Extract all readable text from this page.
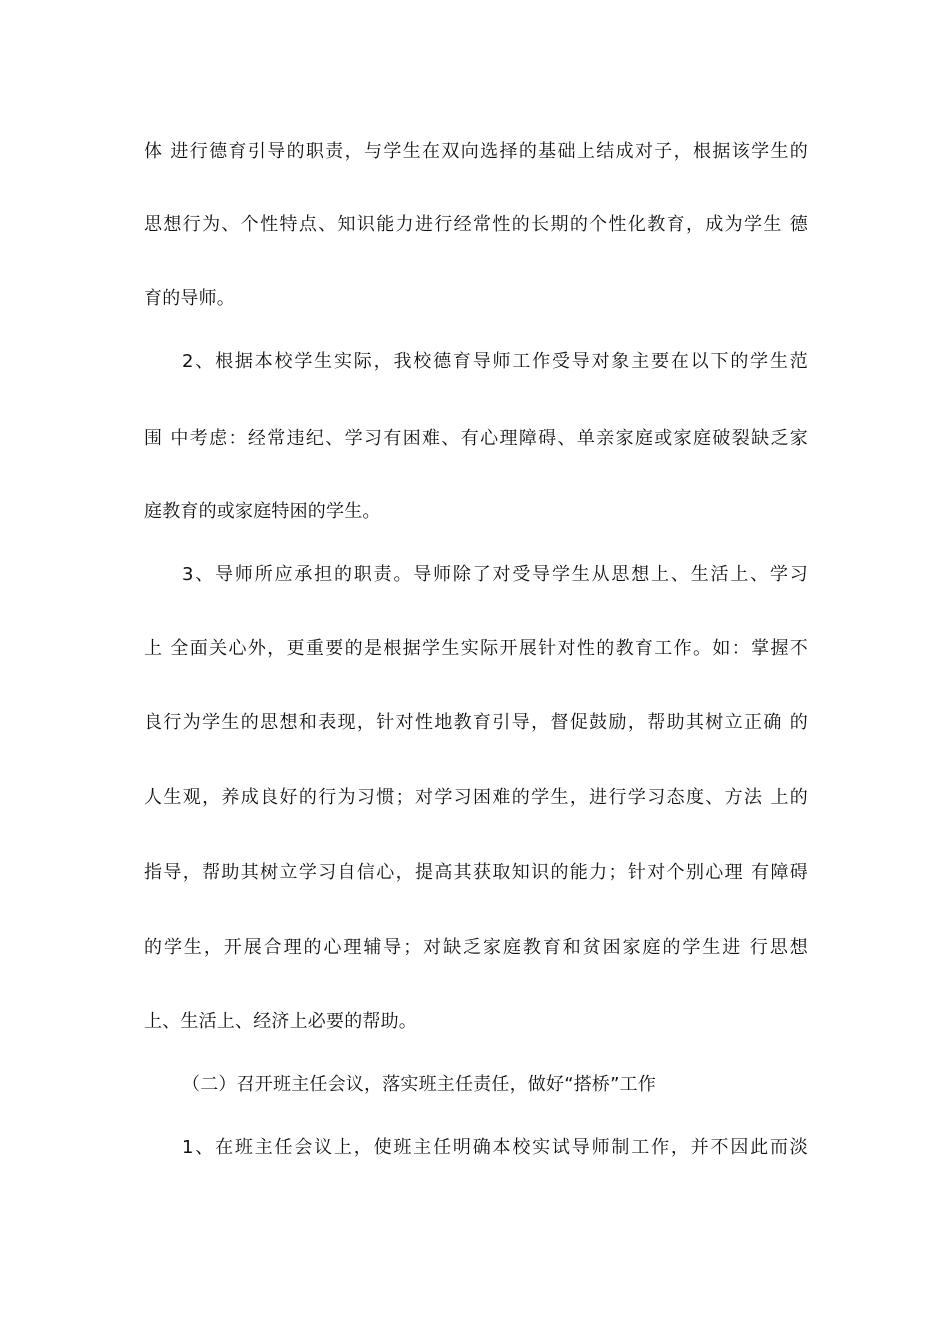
体 进行德育引导的职责，与学生在双向选择的基础上结成对子，根据该学生的
思想行为、个性特点、知识能力进行经常性的长期的个性化教育，成为学生 德
育的导师。
2、根据本校学生实际，我校德育导师工作受导对象主要在以下的学生范
围 中考虑：经常违纪、学习有困难、有心理障碍、单亲家庭或家庭破裂缺乏家
庭教育的或家庭特困的学生。
3、导师所应承担的职责。导师除了对受导学生从思想上、生活上、学习
上 全面关心外，更重要的是根据学生实际开展针对性的教育工作。如：掌握不
良行为学生的思想和表现，针对性地教育引导，督促鼓励，帮助其树立正确 的
人生观，养成良好的行为习惯；对学习困难的学生，进行学习态度、方法 上的
指导，帮助其树立学习自信心，提高其获取知识的能力；针对个别心理 有障碍
的学生，开展合理的心理辅导；对缺乏家庭教育和贫困家庭的学生进 行思想
上、生活上、经济上必要的帮助。
（二）召开班主任会议，落实班主任责任，做好“搭桥”工作
1、在班主任会议上，使班主任明确本校实试导师制工作，并不因此而淡
